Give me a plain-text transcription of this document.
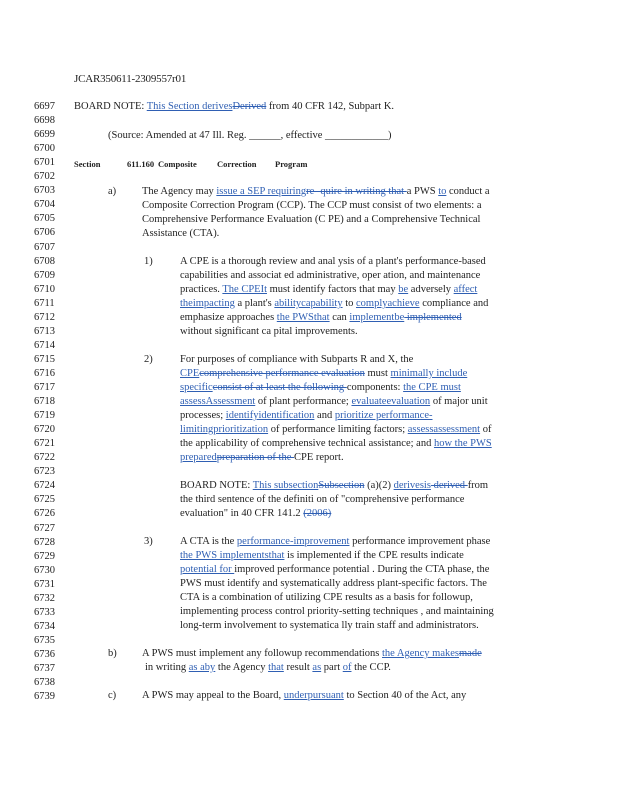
JCAR350611-2309557r01
6697
6698
6699
6700
6701
6702
6703
6704
6705
6706
6707
6708
6709
6710
6711
6712
6713
6714
6715
6716
6717
6718
6719
6720
6721
6722
6723
6724
6725
6726
6727
6728
6729
6730
6731
6732
6733
6734
6735
6736
6737
6738
6739
BOARD NOTE: This Section derivesDerived from 40 CFR 142, Subpart K.
(Source: Amended at 47 Ill. Reg. ______, effective ____________)
Section	611.160 Composite Correction Program
a) The Agency may issue a SEP requiringre- quire in writing that a PWS to conduct a
Composite Correction Program (CCP). The CCP must consist of two elements: a
Comprehensive Performance Evaluation (C PE) and a Comprehensive Technical
Assistance (CTA).
1)	A CPE is a thorough review and anal ysis of a plant's performance-based
capabilities and associat ed administrative, oper ation, and maintenance
practices. The CPEIt must identify factors that may be adversely affect
theimpacting a plant's abilitycapability to complyachieve compliance and
emphasize approaches the PWSthat can implementbe implemented
without significant ca pital improvements.
2)	For purposes of compliance with Subparts R and X, the
CPEcomprehensive performance evaluation must minimally include
specificconsist of at least the following components: the CPE must
assessAssessment of plant performance; evaluateevaluation of major unit
processes; identifyidentification and prioritize performance-
limitingprioritization of performance limiting factors; assessassessment of
the applicability of comprehensive technical assistance; and how the PWS
preparedpreparation of the CPE report.
BOARD NOTE: This subsectionSubsection (a)(2) derivesis derived from
the third sentence of the definiti on of "comprehensive performance
evaluation" in 40 CFR 141.2 (2006)
3)	A CTA is the performance-improvement performance improvement phase
the PWS implementsthat is implemented if the CPE results indicate
potential for improved performance potential . During the CTA phase, the
PWS must identify and systematically address plant-specific factors. The
CTA is a combination of utilizing CPE results as a basis for followup,
implementing process control priority-setting techniques , and maintaining
long-term involvement to systematica lly train staff and administrators.
b) A PWS must implement any followup recommendations the Agency makesmade
in writing as aby the Agency that result as part of the CCP.
c) A PWS may appeal to the Board, underpursuant to Section 40 of the Act, any
